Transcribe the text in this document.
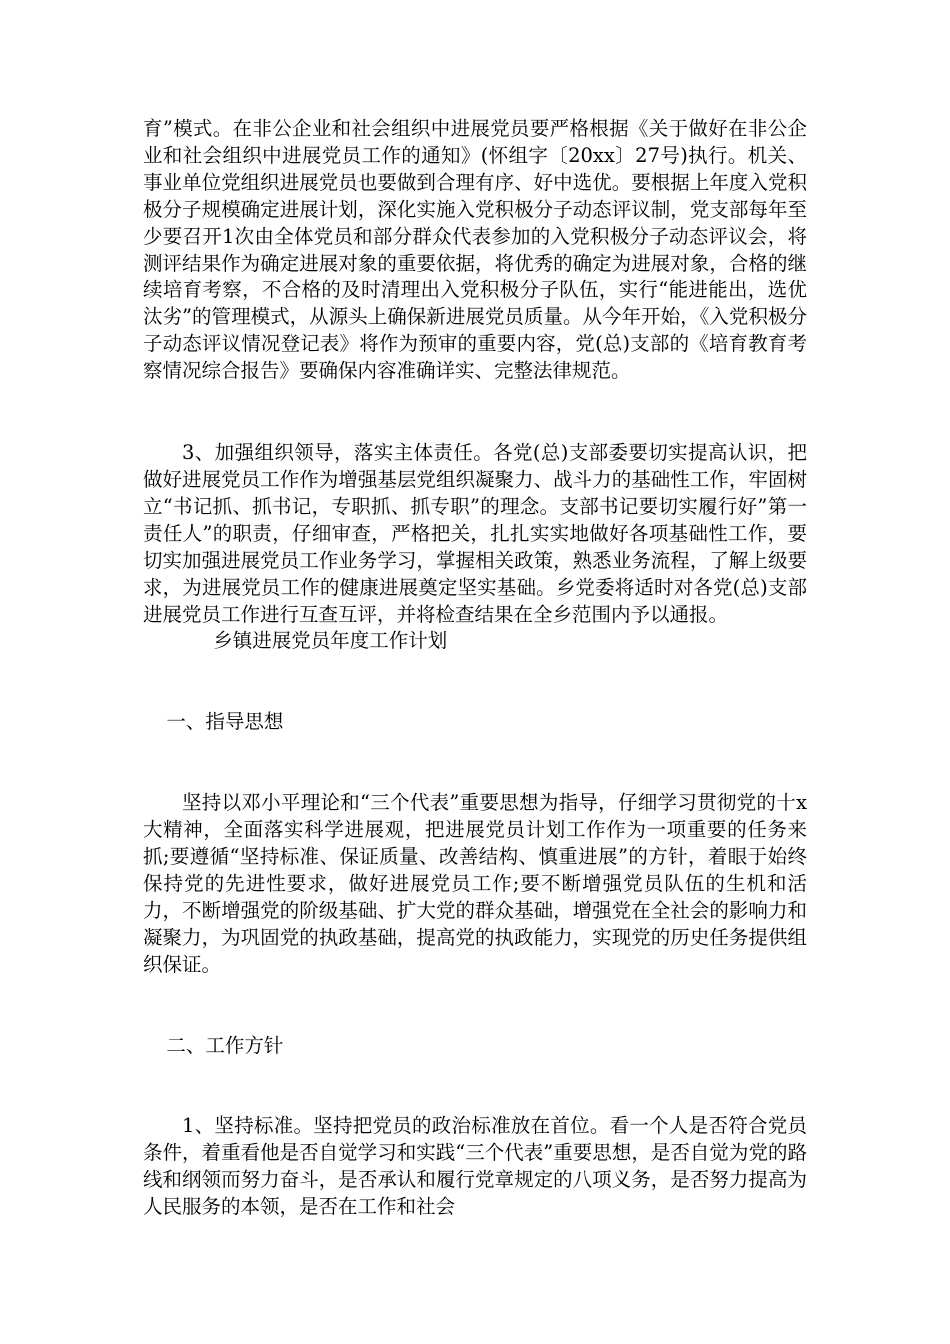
育”模式。在非公企业和社会组织中进展党员要严格根据《关于做好在非公企业和社会组织中进展党员工作的通知》(怀组字〔20xx〕27号)执行。机关、事业单位党组织进展党员也要做到合理有序、好中选优。要根据上年度入党积极分子规模确定进展计划，深化实施入党积极分子动态评议制，党支部每年至少要召开1次由全体党员和部分群众代表参加的入党积极分子动态评议会，将测评结果作为确定进展对象的重要依据，将优秀的确定为进展对象，合格的继续培育考察，不合格的及时清理出入党积极分子队伍，实行“能进能出，选优汰劣”的管理模式，从源头上确保新进展党员质量。从今年开始，《入党积极分子动态评议情况登记表》将作为预审的重要内容，党(总)支部的《培育教育考察情况综合报告》要确保内容准确详实、完整法律规范。

3、加强组织领导，落实主体责任。各党(总)支部委要切实提高认识，把做好进展党员工作作为增强基层党组织凝聚力、战斗力的基础性工作，牢固树立“书记抓、抓书记，专职抓、抓专职”的理念。支部书记要切实履行好”第一责任人”的职责，仔细审查，严格把关，扎扎实实地做好各项基础性工作，要切实加强进展党员工作业务学习，掌握相关政策，熟悉业务流程，了解上级要求，为进展党员工作的健康进展奠定坚实基础。乡党委将适时对各党(总)支部进展党员工作进行互查互评，并将检查结果在全乡范围内予以通报。

乡镇进展党员年度工作计划

一、指导思想

坚持以邓小平理论和“三个代表”重要思想为指导，仔细学习贯彻党的十x大精神，全面落实科学进展观，把进展党员计划工作作为一项重要的任务来抓;要遵循“坚持标准、保证质量、改善结构、慎重进展”的方针，着眼于始终保持党的先进性要求，做好进展党员工作;要不断增强党员队伍的生机和活力，不断增强党的阶级基础、扩大党的群众基础，增强党在全社会的影响力和凝聚力，为巩固党的执政基础，提高党的执政能力，实现党的历史任务提供组织保证。

二、工作方针

1、坚持标准。坚持把党员的政治标准放在首位。看一个人是否符合党员条件，着重看他是否自觉学习和实践“三个代表”重要思想，是否自觉为党的路线和纲领而努力奋斗，是否承认和履行党章规定的八项义务，是否努力提高为人民服务的本领，是否在工作和社会
